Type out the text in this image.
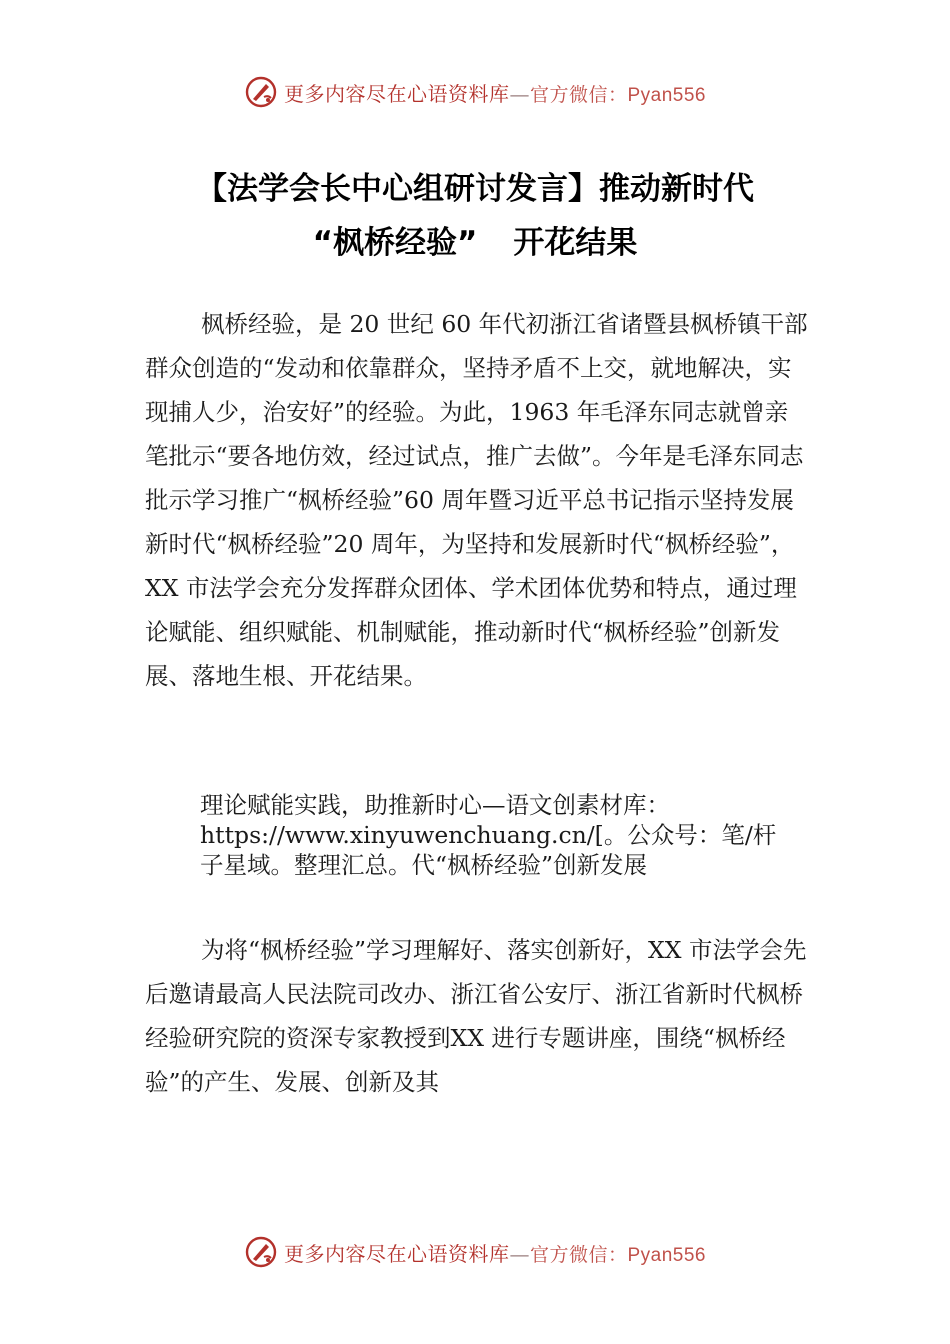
更多内容尽在心语资料库—官方微信：Pyan556
【法学会长中心组研讨发言】推动新时代
“枫桥经验” 开花结果

枫桥经验，是 20 世纪 60 年代初浙江省诸暨县枫桥镇干部群众创造的“发动和依靠群众，坚持矛盾不上交，就地解决，实现捕人少，治安好”的经验。为此，1963 年毛泽东同志就曾亲笔批示“要各地仿效，经过试点，推广去做”。今年是毛泽东同志批示学习推广“枫桥经验”60 周年暨习近平总书记指示坚持发展新时代“枫桥经验”20 周年，为坚持和发展新时代“枫桥经验”，XX 市法学会充分发挥群众团体、学术团体优势和特点，通过理论赋能、组织赋能、机制赋能，推动新时代“枫桥经验”创新发展、落地生根、开花结果。

理论赋能实践，助推新时心—语文创素材库：
https://www.xinyuwenchuang.cn/[。公众号：笔/杆
子星域。整理汇总。代“枫桥经验”创新发展

为将“枫桥经验”学习理解好、落实创新好，XX 市法学会先后邀请最高人民法院司改办、浙江省公安厅、浙江省新时代枫桥经验研究院的资深专家教授到XX 进行专题讲座，围绕“枫桥经验”的产生、发展、创新及其

更多内容尽在心语资料库—官方微信：Pyan556
